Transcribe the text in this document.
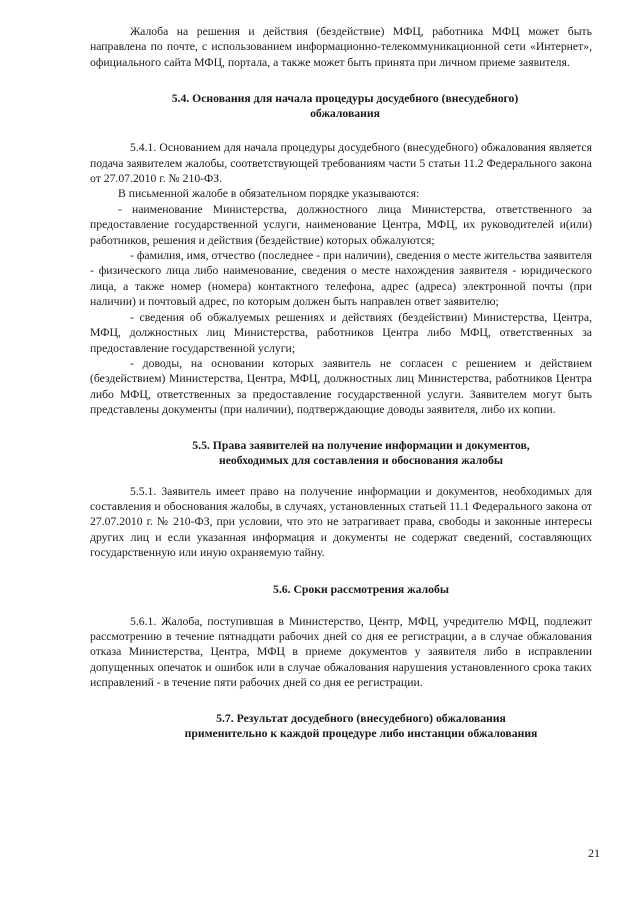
Жалоба на решения и действия (бездействие) МФЦ, работника МФЦ может быть направлена по почте, с использованием информационно-телекоммуникационной сети «Интернет», официального сайта МФЦ, портала, а также может быть принята при личном приеме заявителя.

5.4. Основания для начала процедуры досудебного (внесудебного)
обжалования

5.4.1. Основанием для начала процедуры досудебного (внесудебного) обжалования является подача заявителем жалобы, соответствующей требованиям части 5 статьи 11.2 Федерального закона от 27.07.2010 г. № 210-ФЗ.

В письменной жалобе в обязательном порядке указываются:

- наименование Министерства, должностного лица Министерства, ответственного за предоставление государственной услуги, наименование Центра, МФЦ, их руководителей и(или) работников, решения и действия (бездействие) которых обжалуются;

- фамилия, имя, отчество (последнее - при наличии), сведения о месте жительства заявителя - физического лица либо наименование, сведения о месте нахождения заявителя - юридического лица, а также номер (номера) контактного телефона, адрес (адреса) электронной почты (при наличии) и почтовый адрес, по которым должен быть направлен ответ заявителю;

- сведения об обжалуемых решениях и действиях (бездействии) Министерства, Центра, МФЦ, должностных лиц Министерства, работников Центра либо МФЦ, ответственных за предоставление государственной услуги;

- доводы, на основании которых заявитель не согласен с решением и действием (бездействием) Министерства, Центра, МФЦ, должностных лиц Министерства, работников Центра либо МФЦ, ответственных за предоставление государственной услуги. Заявителем могут быть представлены документы (при наличии), подтверждающие доводы заявителя, либо их копии.

5.5. Права заявителей на получение информации и документов,
необходимых для составления и обоснования жалобы

5.5.1. Заявитель имеет право на получение информации и документов, необходимых для составления и обоснования жалобы, в случаях, установленных статьей 11.1 Федерального закона от 27.07.2010 г. № 210-ФЗ, при условии, что это не затрагивает права, свободы и законные интересы других лиц и если указанная информация и документы не содержат сведений, составляющих государственную или иную охраняемую тайну.

5.6. Сроки рассмотрения жалобы

5.6.1. Жалоба, поступившая в Министерство, Центр, МФЦ, учредителю МФЦ, подлежит рассмотрению в течение пятнадцати рабочих дней со дня ее регистрации, а в случае обжалования отказа Министерства, Центра, МФЦ в приеме документов у заявителя либо в исправлении допущенных опечаток и ошибок или в случае обжалования нарушения установленного срока таких исправлений - в течение пяти рабочих дней со дня ее регистрации.

5.7. Результат досудебного (внесудебного) обжалования
применительно к каждой процедуре либо инстанции обжалования
21
